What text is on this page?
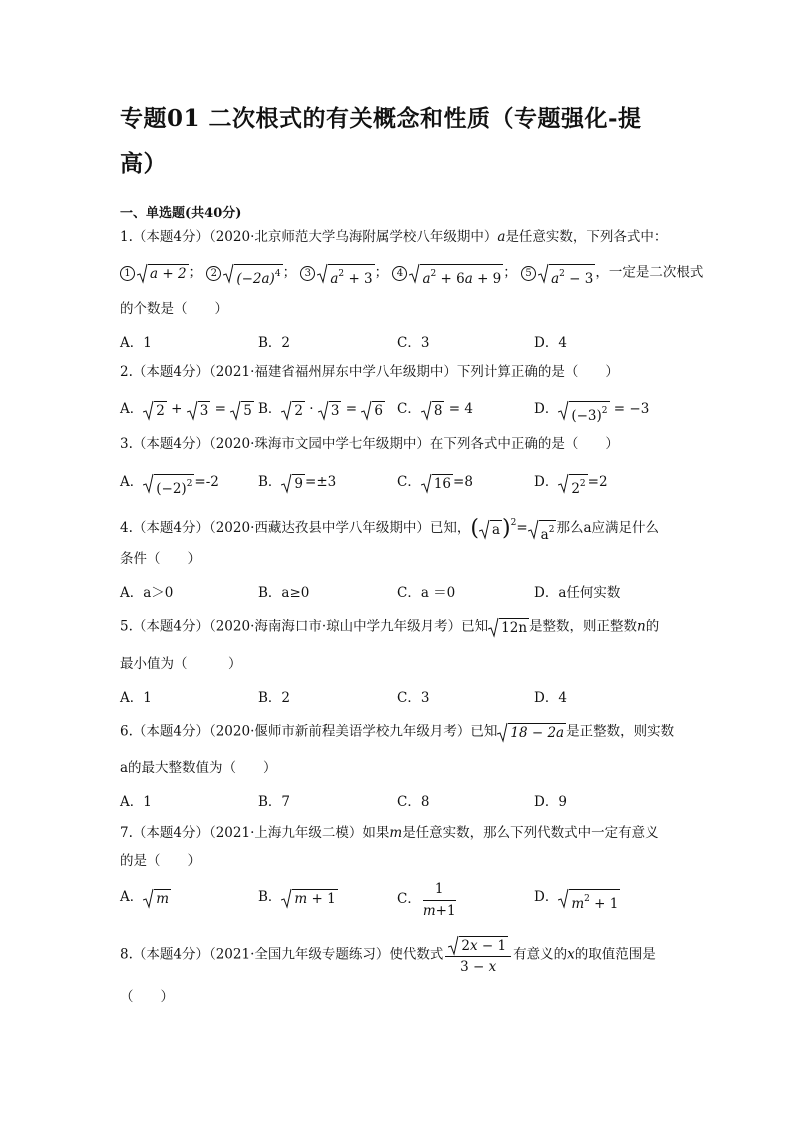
专题01 二次根式的有关概念和性质（专题强化-提
高）
一、单选题(共40分)
1.（本题4分）（2020·北京师范大学乌海附属学校八年级期中）a是任意实数，下列各式中：
1 a + 2 ； 2 $(-2a)^4$ ； 3 $a^2 + 3$ ； 4 $a^2 + 6a + 9$ ； 5 $a^2 - 3$ ，一定是二次根式
的个数是（　　）
A．1	B．2	C．3	D．4
2.（本题4分）（2021·福建省福州屏东中学八年级期中）下列计算正确的是（　　）
A． 2 +
3 =
5 B． 2 ·
3 =
6 C． 8 = 4	D． $(-3)^2 = -3$
3.（本题4分）（2020·珠海市文园中学七年级期中）在下列各式中正确的是（　　）
A． $(-2)^2 =-2$	B． 9 =±3	C． 16 =8	D． $2^2 =2$
4.（本题4分）（2020·西藏达孜县中学八年级期中）已知，( $a)^2= a^2$ 那么a应满足什么
条件（　　）
A．a＞0	B．a≥0	C．a ＝0	D．a任何实数
5.（本题4分）（2020·海南海口市·琼山中学九年级月考）已知 12n 是整数，则正整数n的
最小值为（　　　）
A．1	B．2	C．3	D．4
6.（本题4分）（2020·偃师市新前程美语学校九年级月考）已知 18 − 2a 是正整数，则实数
a的最大整数值为（　　）
A．1	B．7	C．8	D．9
7.（本题4分）（2021·上海九年级二模）如果m是任意实数，那么下列代数式中一定有意义
的是（　　）
A． m	B． m + 1	C． $\frac{1}{m+1}$	D． $m^2 + 1$
8.（本题4分）（2021·全国九年级专题练习）使代数式 $\frac{2x - 1}{3 - x}$ 有意义的x的取值范围是
（　　）
